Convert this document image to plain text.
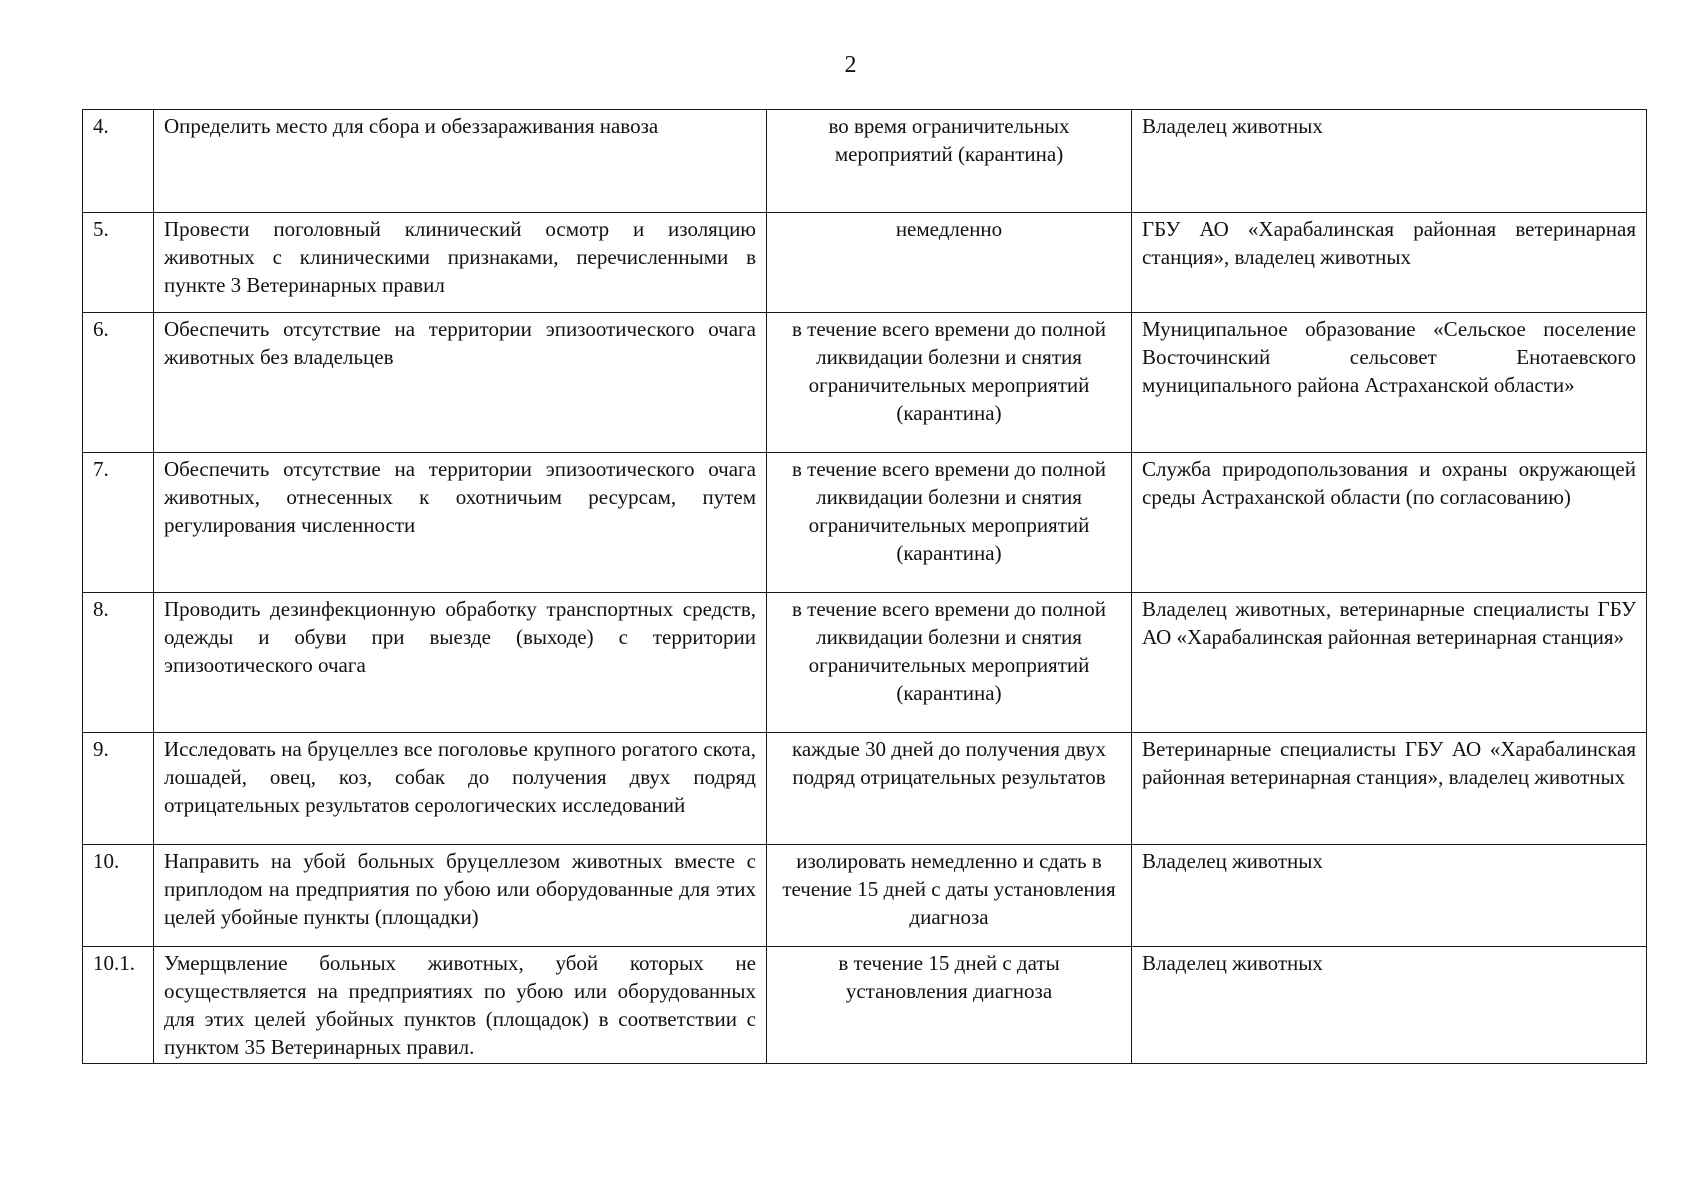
2
4.	Определить место для сбора и обеззараживания навоза	во время ограничительных мероприятий (карантина)	Владелец животных
5.	Провести поголовный клинический осмотр и изоляцию животных с клиническими признаками, перечисленными в пункте 3 Ветеринарных правил	немедленно	ГБУ АО «Харабалинская районная ветеринарная станция», владелец животных
6.	Обеспечить отсутствие на территории эпизоотического очага животных без владельцев	в течение всего времени до полной ликвидации болезни и снятия ограничительных мероприятий (карантина)	Муниципальное образование «Сельское поселение Восточинский сельсовет Енотаевского муниципального района Астраханской области»
7.	Обеспечить отсутствие на территории эпизоотического очага животных, отнесенных к охотничьим ресурсам, путем регулирования численности	в течение всего времени до полной ликвидации болезни и снятия ограничительных мероприятий (карантина)	Служба природопользования и охраны окружающей среды Астраханской области (по согласованию)
8.	Проводить дезинфекционную обработку транспортных средств, одежды и обуви при выезде (выходе) с территории эпизоотического очага	в течение всего времени до полной ликвидации болезни и снятия ограничительных мероприятий (карантина)	Владелец животных, ветеринарные специалисты ГБУ АО «Харабалинская районная ветеринарная станция»
9.	Исследовать на бруцеллез все поголовье крупного рогатого скота, лошадей, овец, коз, собак до получения двух подряд отрицательных результатов серологических исследований	каждые 30 дней до получения двух подряд отрицательных результатов	Ветеринарные специалисты ГБУ АО «Харабалинская районная ветеринарная станция», владелец животных
10.	Направить на убой больных бруцеллезом животных вместе с приплодом на предприятия по убою или оборудованные для этих целей убойные пункты (площадки)	изолировать немедленно и сдать в течение 15 дней с даты установления диагноза	Владелец животных
10.1.	Умерщвление больных животных, убой которых не осуществляется на предприятиях по убою или оборудованных для этих целей убойных пунктов (площадок) в соответствии с пунктом 35 Ветеринарных правил.	в течение 15 дней с даты установления диагноза	Владелец животных
